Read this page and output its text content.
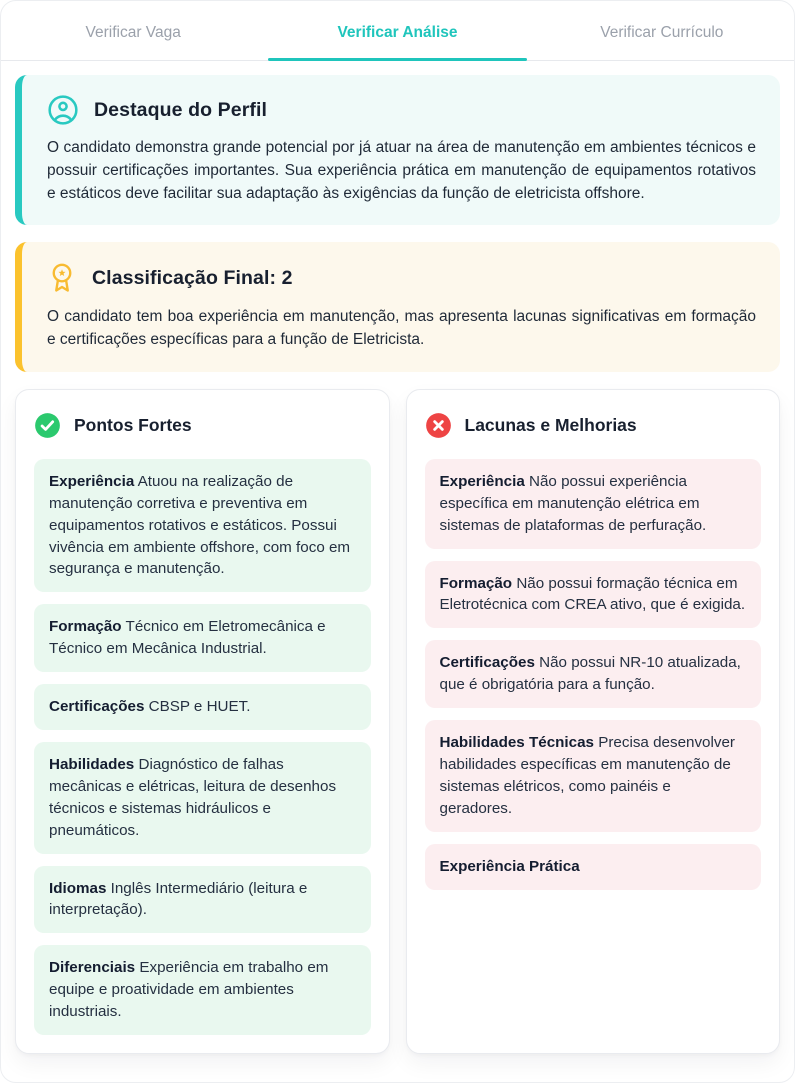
Verificar Vaga	Verificar Análise	Verificar Currículo
Destaque do Perfil
O candidato demonstra grande potencial por já atuar na área de manutenção em ambientes técnicos e possuir certificações importantes. Sua experiência prática em manutenção de equipamentos rotativos e estáticos deve facilitar sua adaptação às exigências da função de eletricista offshore.
Classificação Final: 2
O candidato tem boa experiência em manutenção, mas apresenta lacunas significativas em formação e certificações específicas para a função de Eletricista.
Pontos Fortes
Experiência Atuou na realização de manutenção corretiva e preventiva em equipamentos rotativos e estáticos. Possui vivência em ambiente offshore, com foco em segurança e manutenção.
Formação Técnico em Eletromecânica e Técnico em Mecânica Industrial.
Certificações CBSP e HUET.
Habilidades Diagnóstico de falhas mecânicas e elétricas, leitura de desenhos técnicos e sistemas hidráulicos e pneumáticos.
Idiomas Inglês Intermediário (leitura e interpretação).
Diferenciais Experiência em trabalho em equipe e proatividade em ambientes industriais.
Lacunas e Melhorias
Experiência Não possui experiência específica em manutenção elétrica em sistemas de plataformas de perfuração.
Formação Não possui formação técnica em Eletrotécnica com CREA ativo, que é exigida.
Certificações Não possui NR-10 atualizada, que é obrigatória para a função.
Habilidades Técnicas Precisa desenvolver habilidades específicas em manutenção de sistemas elétricos, como painéis e geradores.
Experiência Prática
